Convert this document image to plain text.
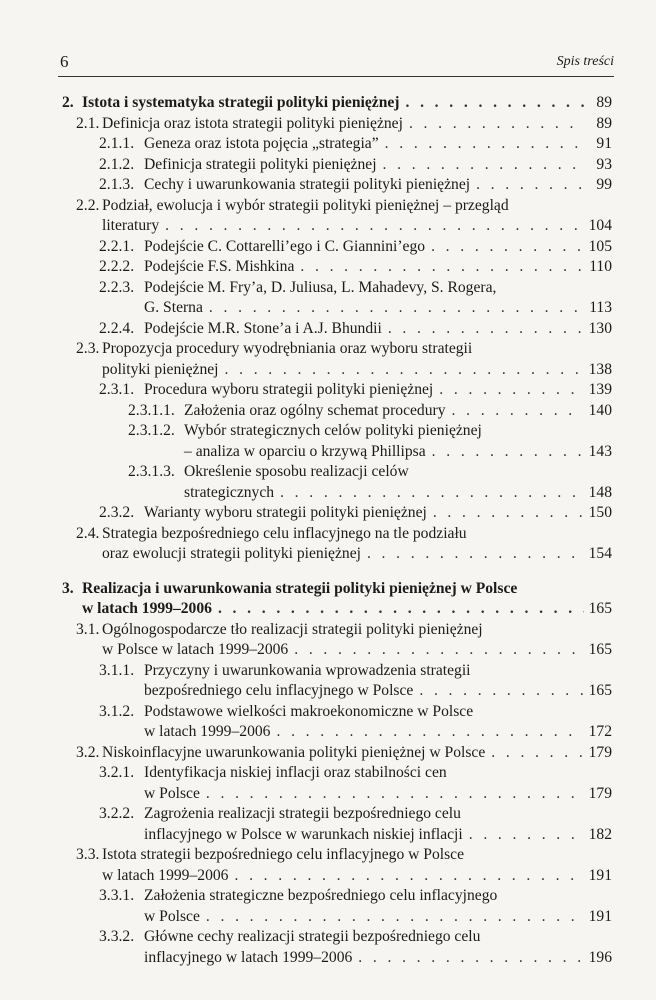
6	Spis treści
2. Istota i systematyka strategii polityki pieniężnej . . .	89
2.1. Definicja oraz istota strategii polityki pieniężnej . . .	89
2.1.1. Geneza oraz istota pojęcia „strategia” . . .	91
2.1.2. Definicja strategii polityki pieniężnej . . .	93
2.1.3. Cechy i uwarunkowania strategii polityki pieniężnej . . .	99
2.2. Podział, ewolucja i wybór strategii polityki pieniężnej – przegląd
literatury . . .	104
2.2.1. Podejście C. Cottarelli’ego i C. Giannini’ego . . .	105
2.2.2. Podejście F.S. Mishkina . . .	110
2.2.3. Podejście M. Fry’a, D. Juliusa, L. Mahadevy, S. Rogera,
G. Sterna . . .	113
2.2.4. Podejście M.R. Stone’a i A.J. Bhundii . . .	130
2.3. Propozycja procedury wyodrębniania oraz wyboru strategii
polityki pieniężnej . . .	138
2.3.1. Procedura wyboru strategii polityki pieniężnej . . .	139
2.3.1.1. Założenia oraz ogólny schemat procedury . . .	140
2.3.1.2. Wybór strategicznych celów polityki pieniężnej
– analiza w oparciu o krzywą Phillipsa . . .	143
2.3.1.3. Określenie sposobu realizacji celów
strategicznych . . .	148
2.3.2. Warianty wyboru strategii polityki pieniężnej . . .	150
2.4. Strategia bezpośredniego celu inflacyjnego na tle podziału
oraz ewolucji strategii polityki pieniężnej . . .	154
3. Realizacja i uwarunkowania strategii polityki pieniężnej w Polsce
w latach 1999–2006 . . .	165
3.1. Ogólnogospodarcze tło realizacji strategii polityki pieniężnej
w Polsce w latach 1999–2006 . . .	165
3.1.1. Przyczyny i uwarunkowania wprowadzenia strategii
bezpośredniego celu inflacyjnego w Polsce . . .	165
3.1.2. Podstawowe wielkości makroekonomiczne w Polsce
w latach 1999–2006 . . .	172
3.2. Niskoinflacyjne uwarunkowania polityki pieniężnej w Polsce . . .	179
3.2.1. Identyfikacja niskiej inflacji oraz stabilności cen
w Polsce . . .	179
3.2.2. Zagrożenia realizacji strategii bezpośredniego celu
inflacyjnego w Polsce w warunkach niskiej inflacji . . .	182
3.3. Istota strategii bezpośredniego celu inflacyjnego w Polsce
w latach 1999–2006 . . .	191
3.3.1. Założenia strategiczne bezpośredniego celu inflacyjnego
w Polsce . . .	191
3.3.2. Główne cechy realizacji strategii bezpośredniego celu
inflacyjnego w latach 1999–2006 . . .	196
